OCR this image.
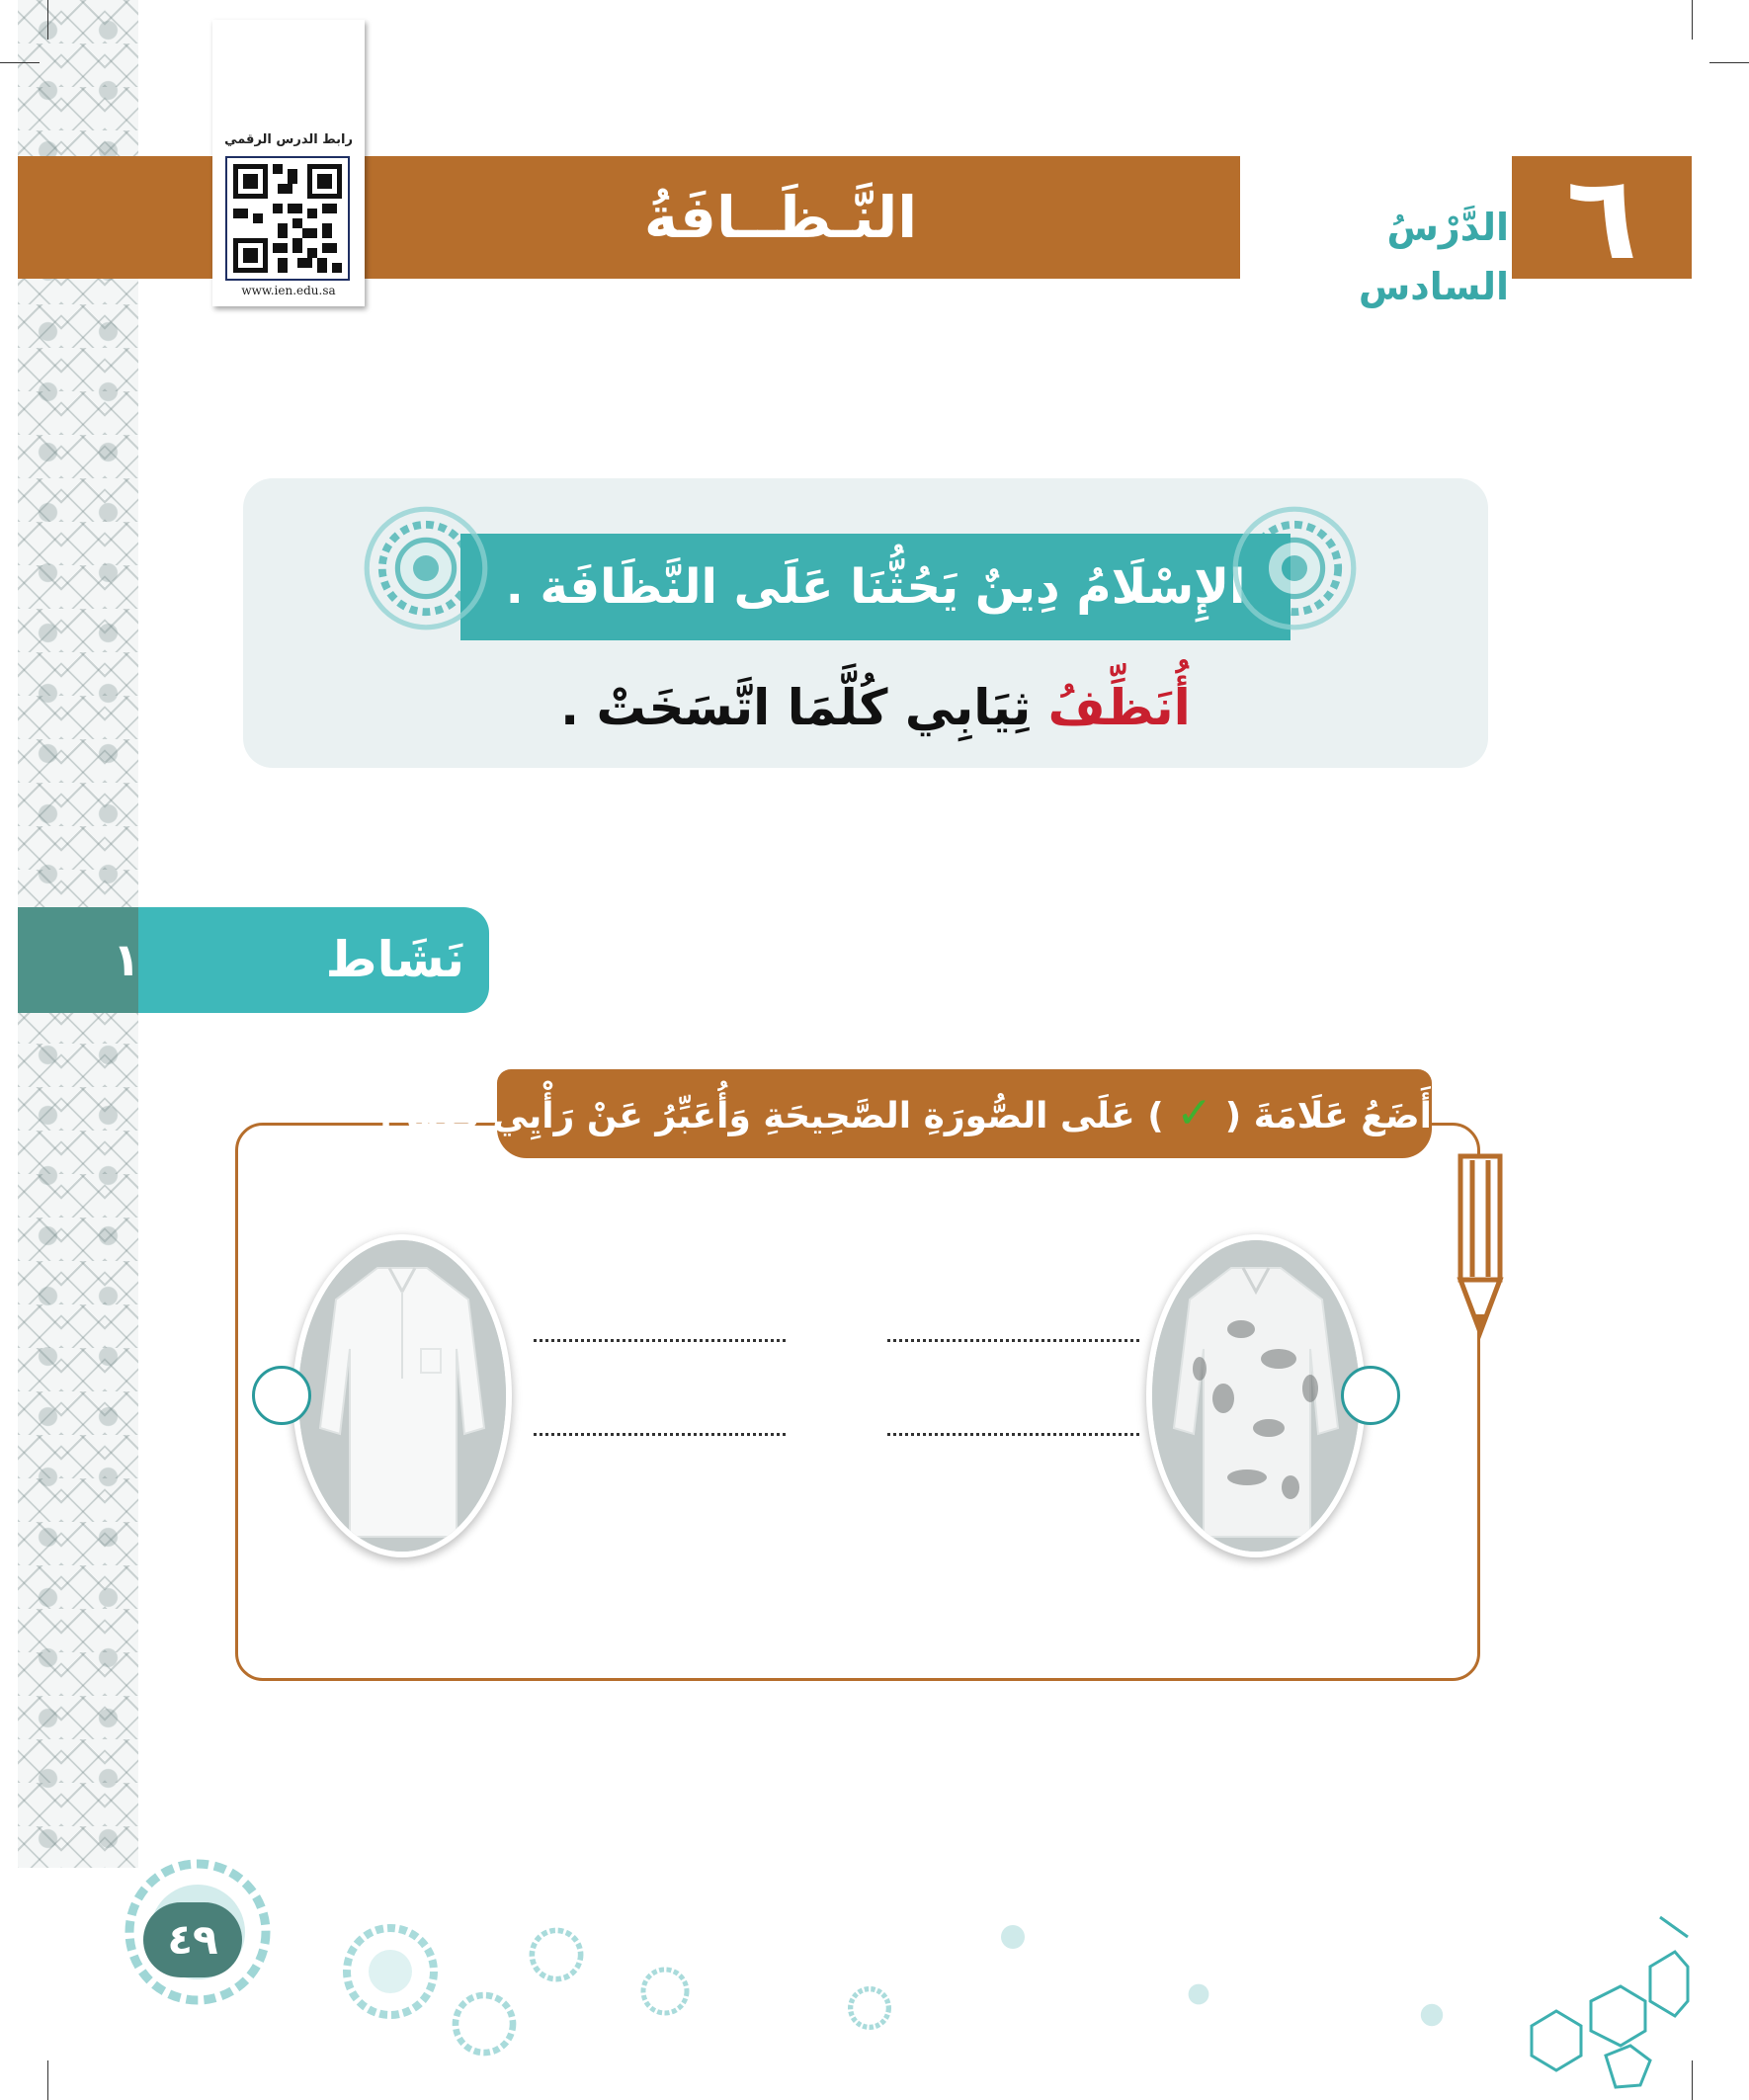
النَّـظَــافَةُ	الدَّرْسُ السادس
٦
رابط الدرس الرقمي
www.ien.edu.sa
الإِسْلَامُ دِينٌ يَحُثُّنَا عَلَى النَّظَافَة .
أُنَظِّفُ ثِيَابِي كُلَّمَا اتَّسَخَتْ .
١	نَشَاط
أَضَعُ عَلَامَةَ ( ✓ ) عَلَى الصُّورَةِ الصَّحِيحَةِ وَأُعَبِّرُ عَنْ رَأْيِي فِيهَا :
٤٩
